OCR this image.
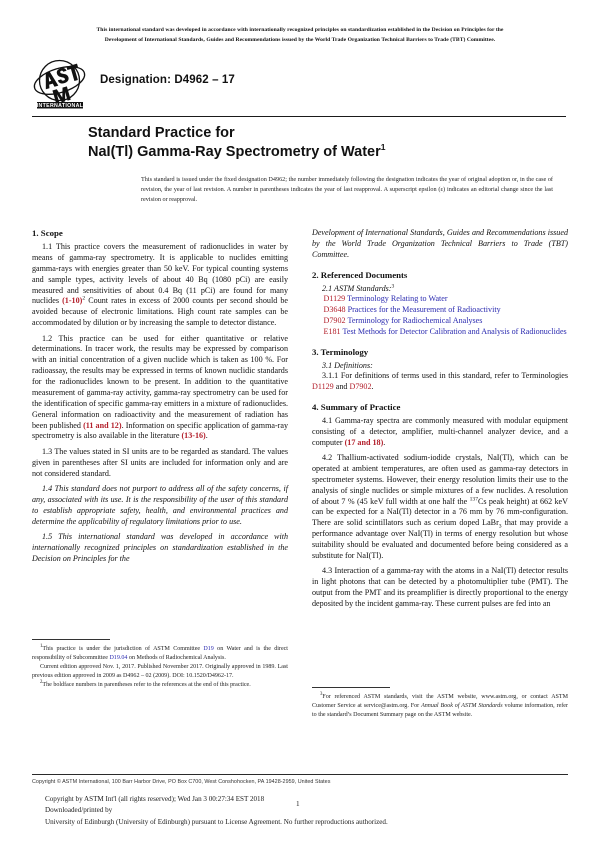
This international standard was developed in accordance with internationally recognized principles on standardization established in the Decision on Principles for the
Development of International Standards, Guides and Recommendations issued by the World Trade Organization Technical Barriers to Trade (TBT) Committee.
INTERNATIONAL
Designation: D4962 – 17
Standard Practice for
NaI(Tl) Gamma-Ray Spectrometry of Water$^1$
This standard is issued under the fixed designation D4962; the number immediately following the designation indicates the year of original adoption or, in the case of revision, the year of last revision. A number in parentheses indicates the year of last reapproval. A superscript epsilon (ε) indicates an editorial change since the last revision or reapproval.
1. Scope

1.1 This practice covers the measurement of radionuclides in water by means of gamma-ray spectrometry. It is applicable to nuclides emitting gamma-rays with energies greater than 50 keV. For typical counting systems and sample types, activity levels of about 40 Bq (1080 pCi) are easily measured and sensitivities of about 0.4 Bq (11 pCi) are found for many nuclides (1-10)$^2$ Count rates in excess of 2000 counts per second should be avoided because of electronic limitations. High count rate samples can be accommodated by dilution or by increasing the sample to detector distance.

1.2 This practice can be used for either quantitative or relative determinations. In tracer work, the results may be expressed by comparison with an initial concentration of a given nuclide which is taken as 100 %. For radioassay, the results may be expressed in terms of known nuclidic standards for the radionuclides known to be present. In addition to the quantitative measurement of gamma-ray activity, gamma-ray spectrometry can be used for the identification of specific gamma-ray emitters in a mixture of radionuclides. General information on radioactivity and the measurement of radiation has been published (11 and 12). Information on specific application of gamma-ray spectrometry is also available in the literature (13-16).

1.3 The values stated in SI units are to be regarded as standard. The values given in parentheses after SI units are included for information only and are not considered standard.

1.4 This standard does not purport to address all of the safety concerns, if any, associated with its use. It is the responsibility of the user of this standard to establish appropriate safety, health, and environmental practices and determine the applicability of regulatory limitations prior to use.

1.5 This international standard was developed in accordance with internationally recognized principles on standardization established in the Decision on Principles for the

$^1$This practice is under the jurisdiction of ASTM Committee D19 on Water and is the direct responsibility of Subcommittee D19.04 on Methods of Radiochemical Analysis.

Current edition approved Nov. 1, 2017. Published November 2017. Originally approved in 1989. Last previous edition approved in 2009 as D4962 – 02 (2009). DOI: 10.1520/D4962-17.

$^2$The boldface numbers in parentheses refer to the references at the end of this practice.

Development of International Standards, Guides and Recommendations issued by the World Trade Organization Technical Barriers to Trade (TBT) Committee.

2. Referenced Documents
2.1 ASTM Standards:$^3$
D1129 Terminology Relating to Water
D3648 Practices for the Measurement of Radioactivity
D7902 Terminology for Radiochemical Analyses
E181 Test Methods for Detector Calibration and Analysis of Radionuclides
3. Terminology
3.1 Definitions:

3.1.1 For definitions of terms used in this standard, refer to Terminologies D1129 and D7902.

4. Summary of Practice

4.1 Gamma-ray spectra are commonly measured with modular equipment consisting of a detector, amplifier, multi-channel analyzer device, and a computer (17 and 18).

4.2 Thallium-activated sodium-iodide crystals, NaI(Tl), which can be operated at ambient temperatures, are often used as gamma-ray detectors in spectrometer systems. However, their energy resolution limits their use to the analysis of single nuclides or simple mixtures of a few nuclides. A resolution of about 7 % (45 keV full width at one half the $^{137}$Cs peak height) at 662 keV can be expected for a NaI(Tl) detector in a 76 mm by 76 mm-configuration. There are solid scintillators such as cerium doped LaBr$_3$ that may provide a performance advantage over NaI(Tl) in terms of energy resolution but whose suitability should be evaluated and documented before being considered as a substitute for NaI(Tl).

4.3 Interaction of a gamma-ray with the atoms in a NaI(Tl) detector results in light photons that can be detected by a photomultiplier tube (PMT). The output from the PMT and its preamplifier is directly proportional to the energy deposited by the incident gamma-ray. These current pulses are fed into an

$^3$For referenced ASTM standards, visit the ASTM website, www.astm.org, or contact ASTM Customer Service at service@astm.org. For Annual Book of ASTM Standards volume information, refer to the standard’s Document Summary page on the ASTM website.

Copyright © ASTM International, 100 Barr Harbor Drive, PO Box C700, West Conshohocken, PA 19428-2959, United States
Copyright by ASTM Int'l (all rights reserved); Wed Jan 3 00:27:34 EST 2018
Downloaded/printed by
University of Edinburgh (University of Edinburgh) pursuant to License Agreement. No further reproductions authorized.
1
